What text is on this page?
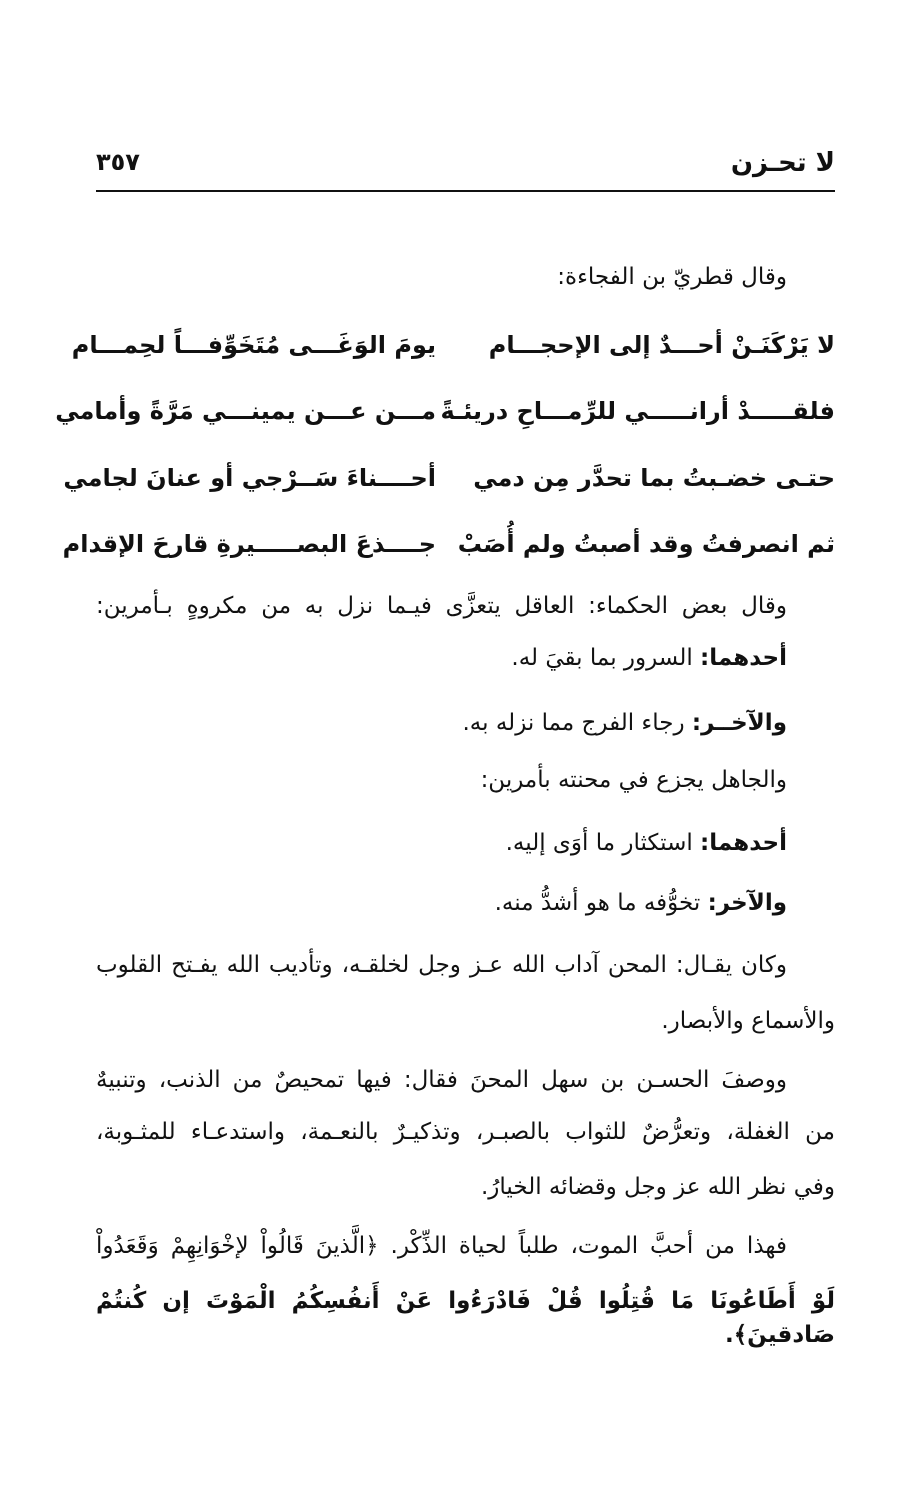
لا تحـزن
٣٥٧
وقال قطريّ بن الفجاءة:
لا يَرْكَنَـنْ أحـــدٌ إلى الإحجـــام
يومَ الوَغَـــى مُتَخَوِّفـــاً لحِمـــام
فلقـــــدْ أرانـــــي للرِّمـــاحِ دريئـةً
مـــن عـــن يمينـــي مَرَّةً وأمامي
حتـى خضـبتُ بما تحدَّر مِن دمي
أحــــناءَ سَــرْجي أو عنانَ لجامي
ثم انصرفتُ وقد أصبتُ ولم أُصَبْ
جــــذعَ البصـــــيرةِ قارحَ الإقدام
وقال بعض الحكماء: العاقل يتعزَّى فيـما نزل به من مكروهٍ بـأمرين:
أحدهما: السرور بما بقيَ له.
والآخــر: رجاء الفرج مما نزله به.
والجاهل يجزع في محنته بأمرين:
أحدهما: استكثار ما أوَى إليه.
والآخر: تخوُّفه ما هو أشدُّ منه.
وكان يقـال: المحن آداب الله عـز وجل لخلقـه، وتأديب الله يفـتح القلوب
والأسماع والأبصار.
ووصفَ الحسـن بن سهل المحنَ فقال: فيها تمحيصٌ من الذنب، وتنبيهٌ
من الغفلة، وتعرُّضٌ للثواب بالصبـر، وتذكيـرٌ بالنعـمة، واستدعـاء للمثـوبة،
وفي نظر الله عز وجل وقضائه الخيارُ.
فهذا من أحبَّ الموت، طلباً لحياة الذِّكْر. ﴿الَّذينَ قَالُواْ لإخْوَانِهِمْ وَقَعَدُواْ
لَوْ أَطَاعُونَا مَا قُتِلُوا قُلْ فَادْرَءُوا عَنْ أَنفُسِكُمُ الْمَوْتَ إن كُنتُمْ صَادقينَ﴾.
